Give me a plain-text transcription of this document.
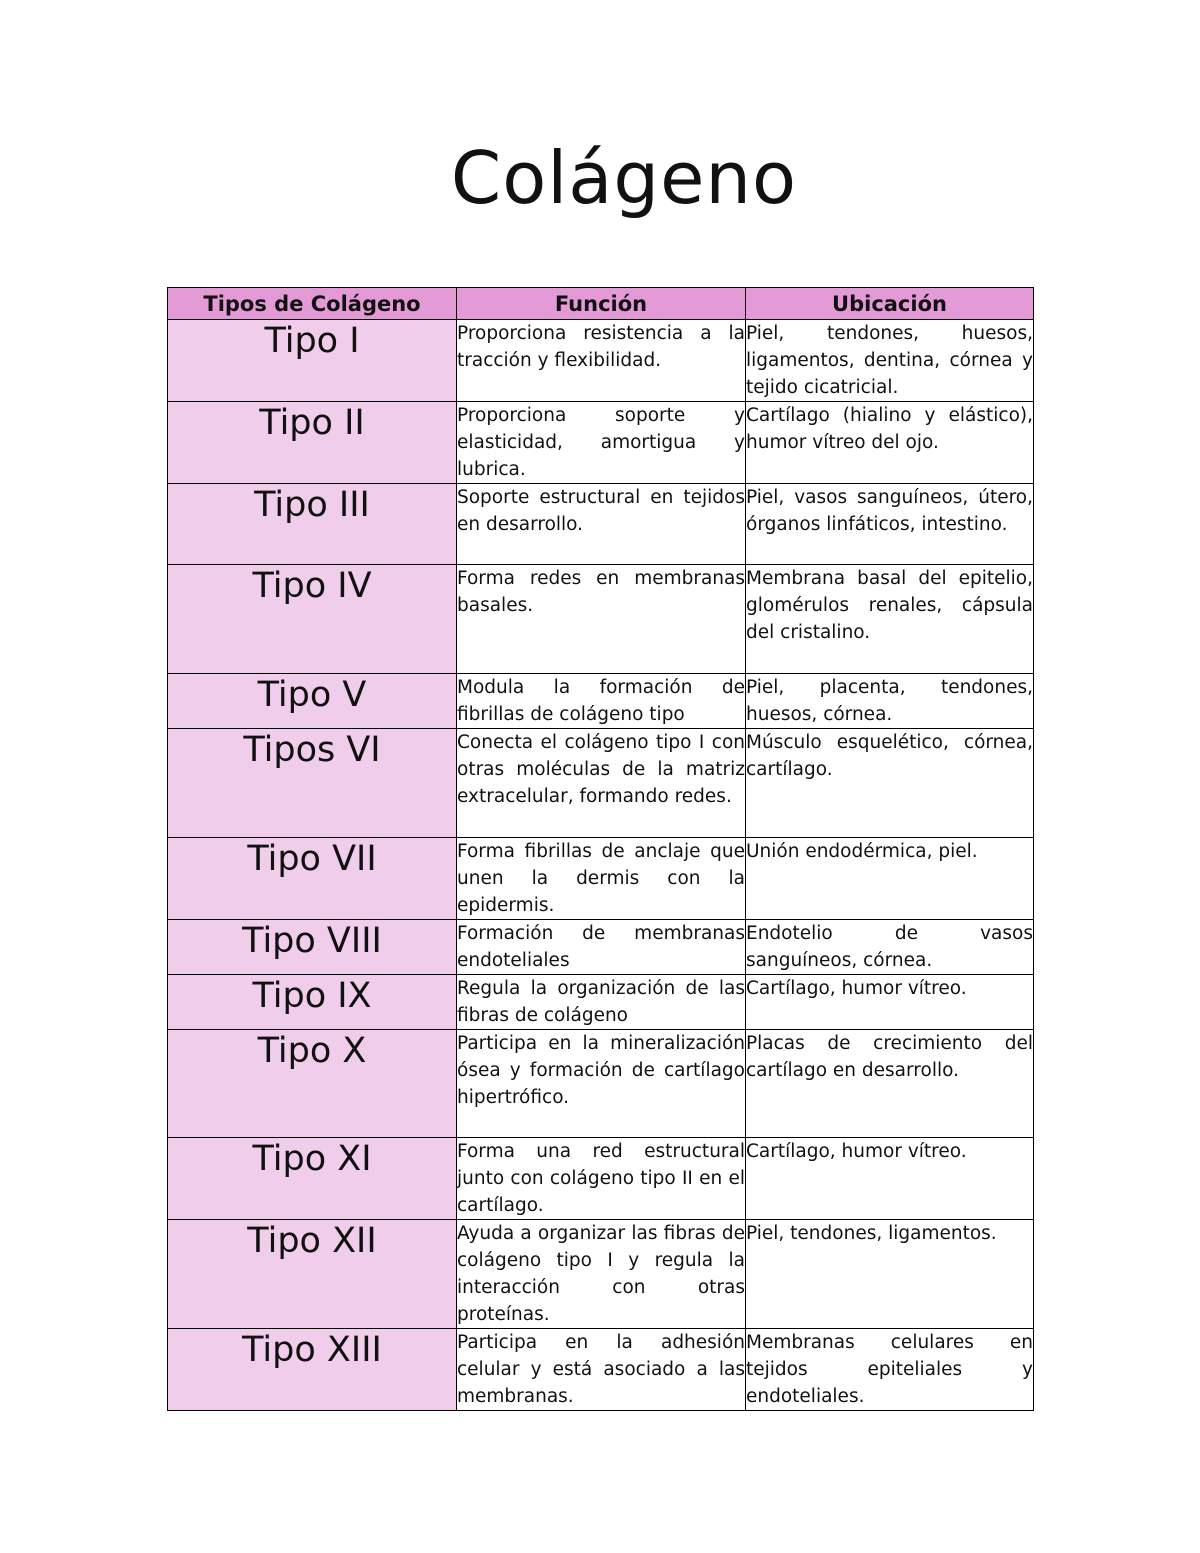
Colágeno
Tipos de Colágeno	Función	Ubicación
Tipo I	Proporciona resistencia a la tracción y flexibilidad.	Piel, tendones, huesos, ligamentos, dentina, córnea y tejido cicatricial.
Tipo II	Proporciona soporte y elasticidad, amortigua y lubrica.	Cartílago (hialino y elástico), humor vítreo del ojo.
Tipo III	Soporte estructural en tejidos en desarrollo.	Piel, vasos sanguíneos, útero, órganos linfáticos, intestino.
Tipo IV	Forma redes en membranas basales.	Membrana basal del epitelio, glomérulos renales, cápsula del cristalino.
Tipo V	Modula la formación de fibrillas de colágeno tipo	Piel, placenta, tendones, huesos, córnea.
Tipos VI	Conecta el colágeno tipo I con otras moléculas de la matriz extracelular, formando redes.	Músculo esquelético, córnea, cartílago.
Tipo VII	Forma fibrillas de anclaje que unen la dermis con la epidermis.	Unión endodérmica, piel.
Tipo VIII	Formación de membranas endoteliales	Endotelio de vasos sanguíneos, córnea.
Tipo IX	Regula la organización de las fibras de colágeno	Cartílago, humor vítreo.
Tipo X	Participa en la mineralización ósea y formación de cartílago hipertrófico.	Placas de crecimiento del cartílago en desarrollo.
Tipo XI	Forma una red estructural junto con colágeno tipo II en el cartílago.	Cartílago, humor vítreo.
Tipo XII	Ayuda a organizar las fibras de colágeno tipo I y regula la interacción con otras proteínas.	Piel, tendones, ligamentos.
Tipo XIII	Participa en la adhesión celular y está asociado a las membranas.	Membranas celulares en tejidos epiteliales y endoteliales.
